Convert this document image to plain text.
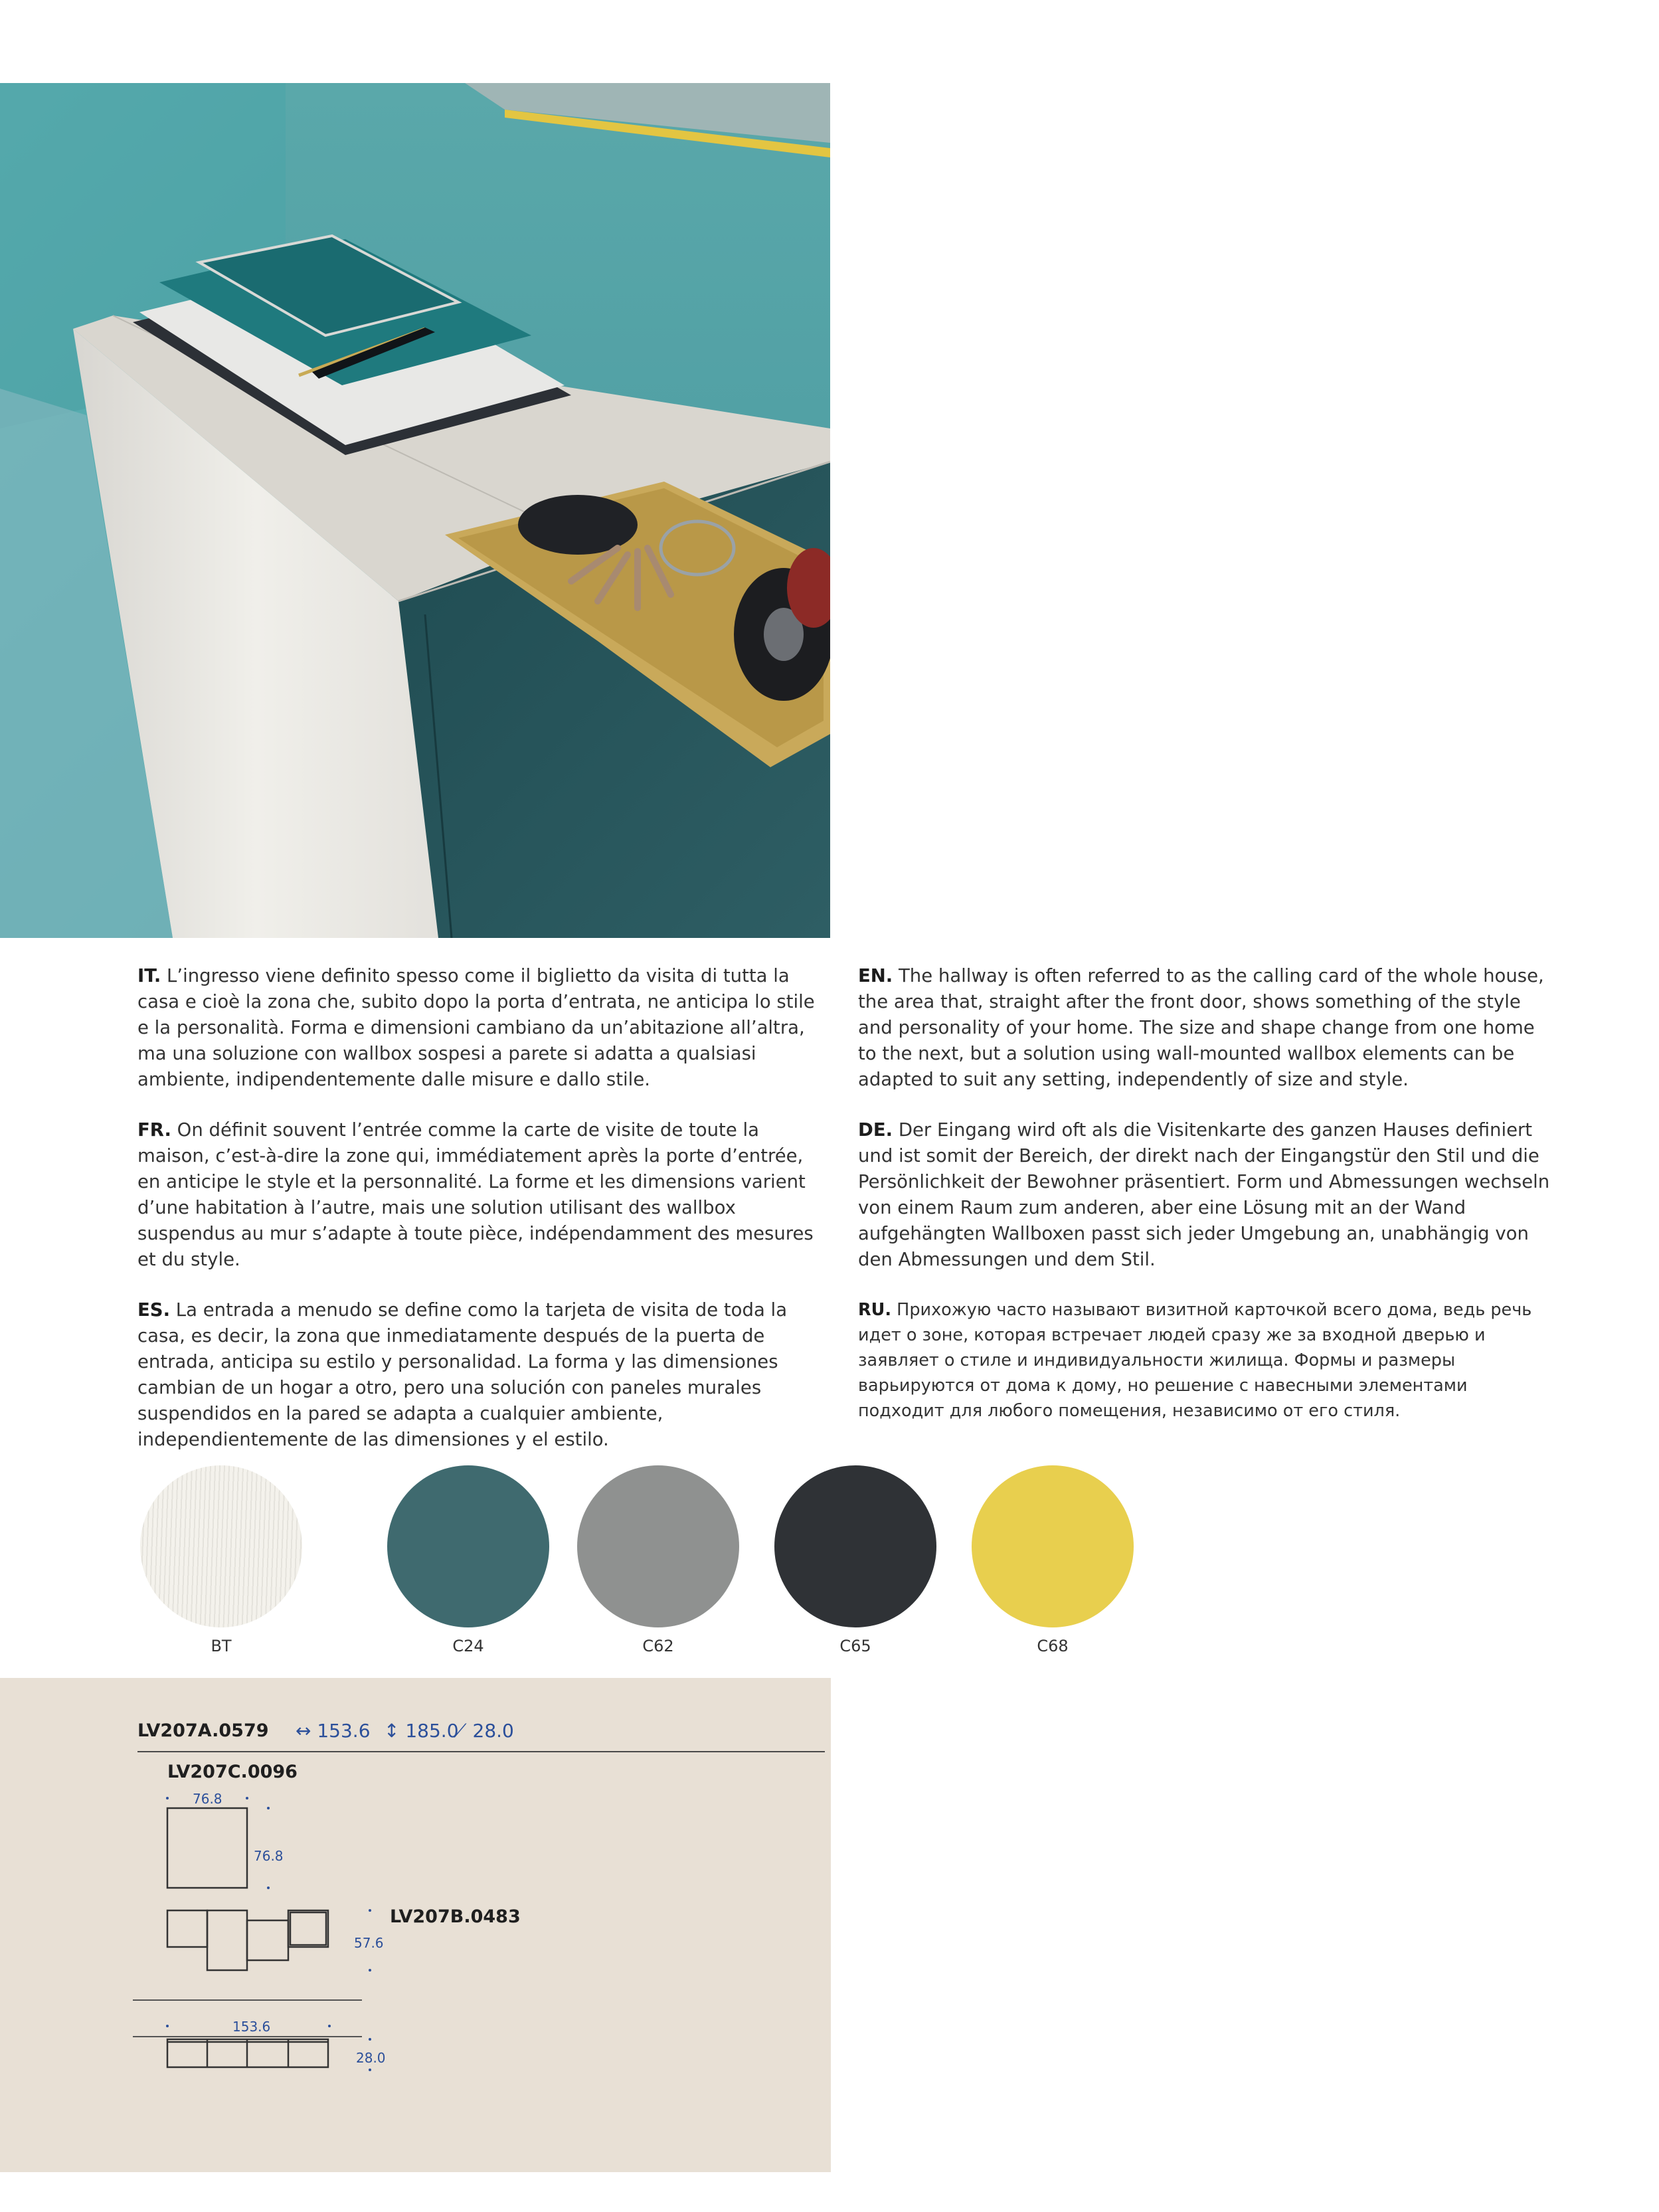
IT. L’ingresso viene definito spesso come il biglietto da visita di tutta la casa e cioè la zona che, subito dopo la porta d’entrata, ne anticipa lo stile e la personalità. Forma e dimensioni cambiano da un’abitazione all’altra, ma una soluzione con wallbox sospesi a parete si adatta a qualsiasi ambiente, indipendentemente dalle misure e dallo stile.

FR. On définit souvent l’entrée comme la carte de visite de toute la maison, c’est-à-dire la zone qui, immédiatement après la porte d’entrée, en anticipe le style et la personnalité. La forme et les dimensions varient d’une habitation à l’autre, mais une solution utilisant des wallbox suspendus au mur s’adapte à toute pièce, indépendamment des mesures et du style.

ES. La entrada a menudo se define como la tarjeta de visita de toda la casa, es decir, la zona que inmediatamente después de la puerta de entrada, anticipa su estilo y personalidad. La forma y las dimensiones cambian de un hogar a otro, pero una solución con paneles murales suspendidos en la pared se adapta a cualquier ambiente, independientemente de las dimensiones y el estilo.

EN. The hallway is often referred to as the calling card of the whole house, the area that, straight after the front door, shows something of the style and personality of your home. The size and shape change from one home to the next, but a solution using wall-mounted wallbox elements can be adapted to suit any setting, independently of size and style.

DE. Der Eingang wird oft als die Visitenkarte des ganzen Hauses definiert und ist somit der Bereich, der direkt nach der Eingangstür den Stil und die Persönlichkeit der Bewohner präsentiert. Form und Abmessungen wechseln von einem Raum zum anderen, aber eine Lösung mit an der Wand aufgehängten Wallboxen passt sich jeder Umgebung an, unabhängig von den Abmessungen und dem Stil.

RU. Прихожую часто называют визитной карточкой всего дома, ведь речь идет о зоне, которая встречает людей сразу же за входной дверью и заявляет о стиле и индивидуальности жилища. Формы и размеры варьируются от дома к дому, но решение с навесными элементами подходит для любого помещения, независимо от его стиля.

BT	C24	C62	C65	C68
LV207A.0579 ↔ 153.6 ↕ 185.0
⟋ 28.0
LV207C.0096
76.8
76.8
LV207B.0483
57.6
153.6
28.0
